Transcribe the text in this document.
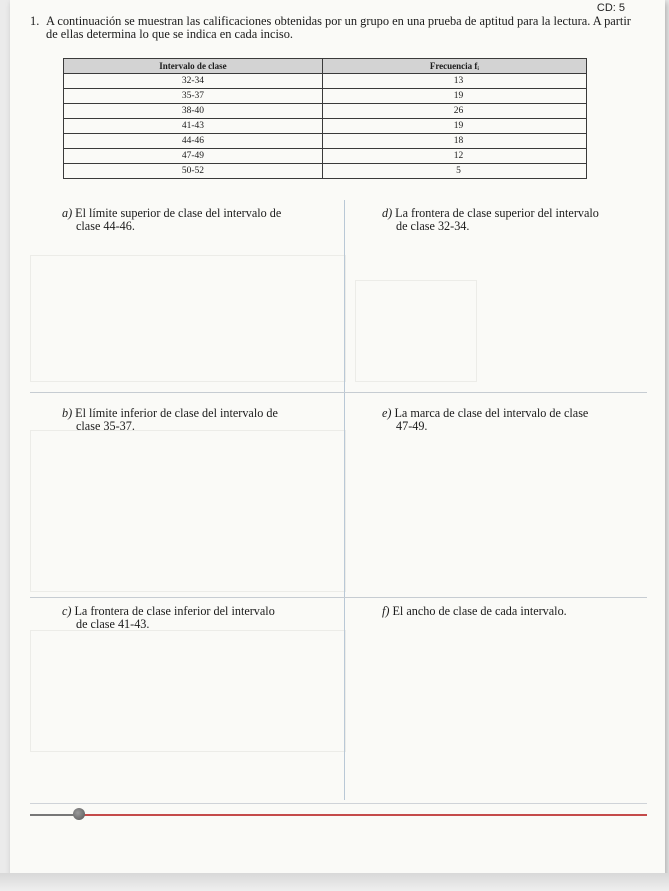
CD: 5
1. A continuación se muestran las calificaciones obtenidas por un grupo en una prueba de aptitud para la lectura. A partir de ellas determina lo que se indica en cada inciso.
Intervalo de clase	Frecuencia fᵢ
32-34	13
35-37	19
38-40	26
41-43	19
44-46	18
47-49	12
50-52	5
a) El límite superior de clase del intervalo de
clase 44-46.
d) La frontera de clase superior del intervalo
de clase 32-34.
b) El límite inferior de clase del intervalo de
clase 35-37.
e) La marca de clase del intervalo de clase
47-49.
c) La frontera de clase inferior del intervalo
de clase 41-43.
f) El ancho de clase de cada intervalo.
